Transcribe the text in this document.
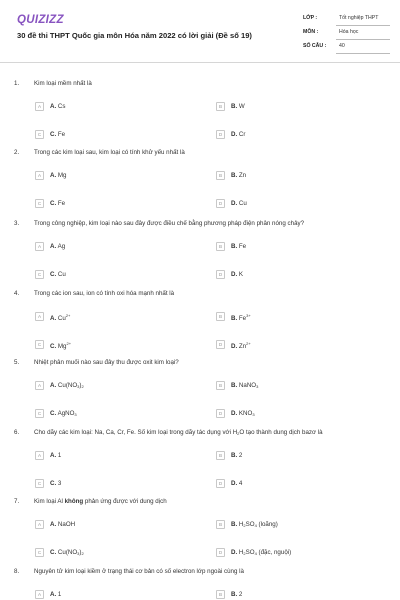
QUIZIZZ
30 đề thi THPT Quốc gia môn Hóa năm 2022 có lời giải (Đề số 19)
LỚP :	Tốt nghiệp THPT
MÔN :	Hóa học
SỐ CÂU : 40
1. Kim loại mềm nhất là
A	A. Cs	B	B. W
C	C. Fe	D	D. Cr
2. Trong các kim loại sau, kim loại có tính khử yếu nhất là
A	A. Mg	B	B. Zn
C	C. Fe	D	D. Cu
3. Trong công nghiệp, kim loại nào sau đây được điều chế bằng phương pháp điện phân nóng chảy?
A	A. Ag	B	B. Fe
C	C. Cu	D	D. K
4. Trong các ion sau, ion có tính oxi hóa mạnh nhất là
A	A. $Cu^{2+}$	B	B. $Fe^{3+}$
C	C. $Mg^{2+}$	D	D. $Zn^{2+}$
5. Nhiệt phân muối nào sau đây thu được oxit kim loại?
A	A. $Cu(NO_3)_2$	B	B. NaNO$_3$
C	C. AgNO$_3$	D	D. $KNO_3$
6. Cho dãy các kim loại: Na, Ca, Cr, Fe. Số kim loại trong dãy tác dụng với $H_2O$ tạo thành dung dịch bazơ là
A	A. 1	B	B. 2
C	C. 3	D	D. 4
7. Kim loại Al không phản ứng được với dung dịch
A	A. NaOH	B	B. $H_2SO_4$ (loãng)
C	C. $Cu(NO_3)_2$	D	D. $H_2SO_4$ (đặc, nguội)
8. Nguyên tử kim loại kiềm ở trạng thái cơ bản có số electron lớp ngoài cùng là
A	A. 1	B	B. 2
